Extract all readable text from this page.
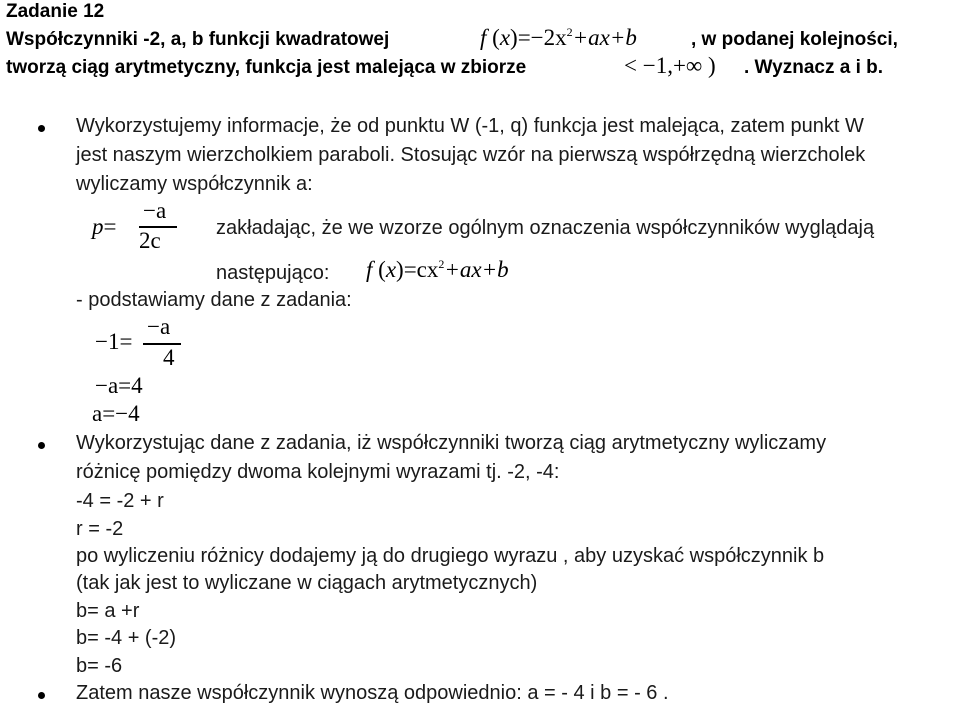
Zadanie 12
Współczynniki -2, a, b funkcji kwadratowej	f $(x)=-2x^2+ax+b$	, w podanej kolejności,
tworzą ciąg arytmetyczny, funkcja jest malejąca w zbiorze	< −1,+∞ ) . Wyznacz a i b.
Wykorzystujemy informacje, że od punktu W (-1, q) funkcja jest malejąca, zatem punkt W
jest naszym wierzcholkiem paraboli. Stosując wzór na pierwszą współrzędną wierzcholek
wyliczamy współczynnik a:
p=
−a
2c	zakładając, że we wzorze ogólnym oznaczenia współczynników wyglądają
następująco: f $(x)=cx^2+ax+b$
- podstawiamy dane z zadania:
−1=
−a
4
−a=4
a=−4
Wykorzystując dane z zadania, iż współczynniki tworzą ciąg arytmetyczny wyliczamy
różnicę pomiędzy dwoma kolejnymi wyrazami tj. -2, -4:
-4 = -2 + r
r = -2
po wyliczeniu różnicy dodajemy ją do drugiego wyrazu , aby uzyskać współczynnik b
(tak jak jest to wyliczane w ciągach arytmetycznych)
b= a +r
b= -4 + (-2)
b= -6
Zatem nasze współczynnik wynoszą odpowiednio: a = - 4 i b = - 6 .
